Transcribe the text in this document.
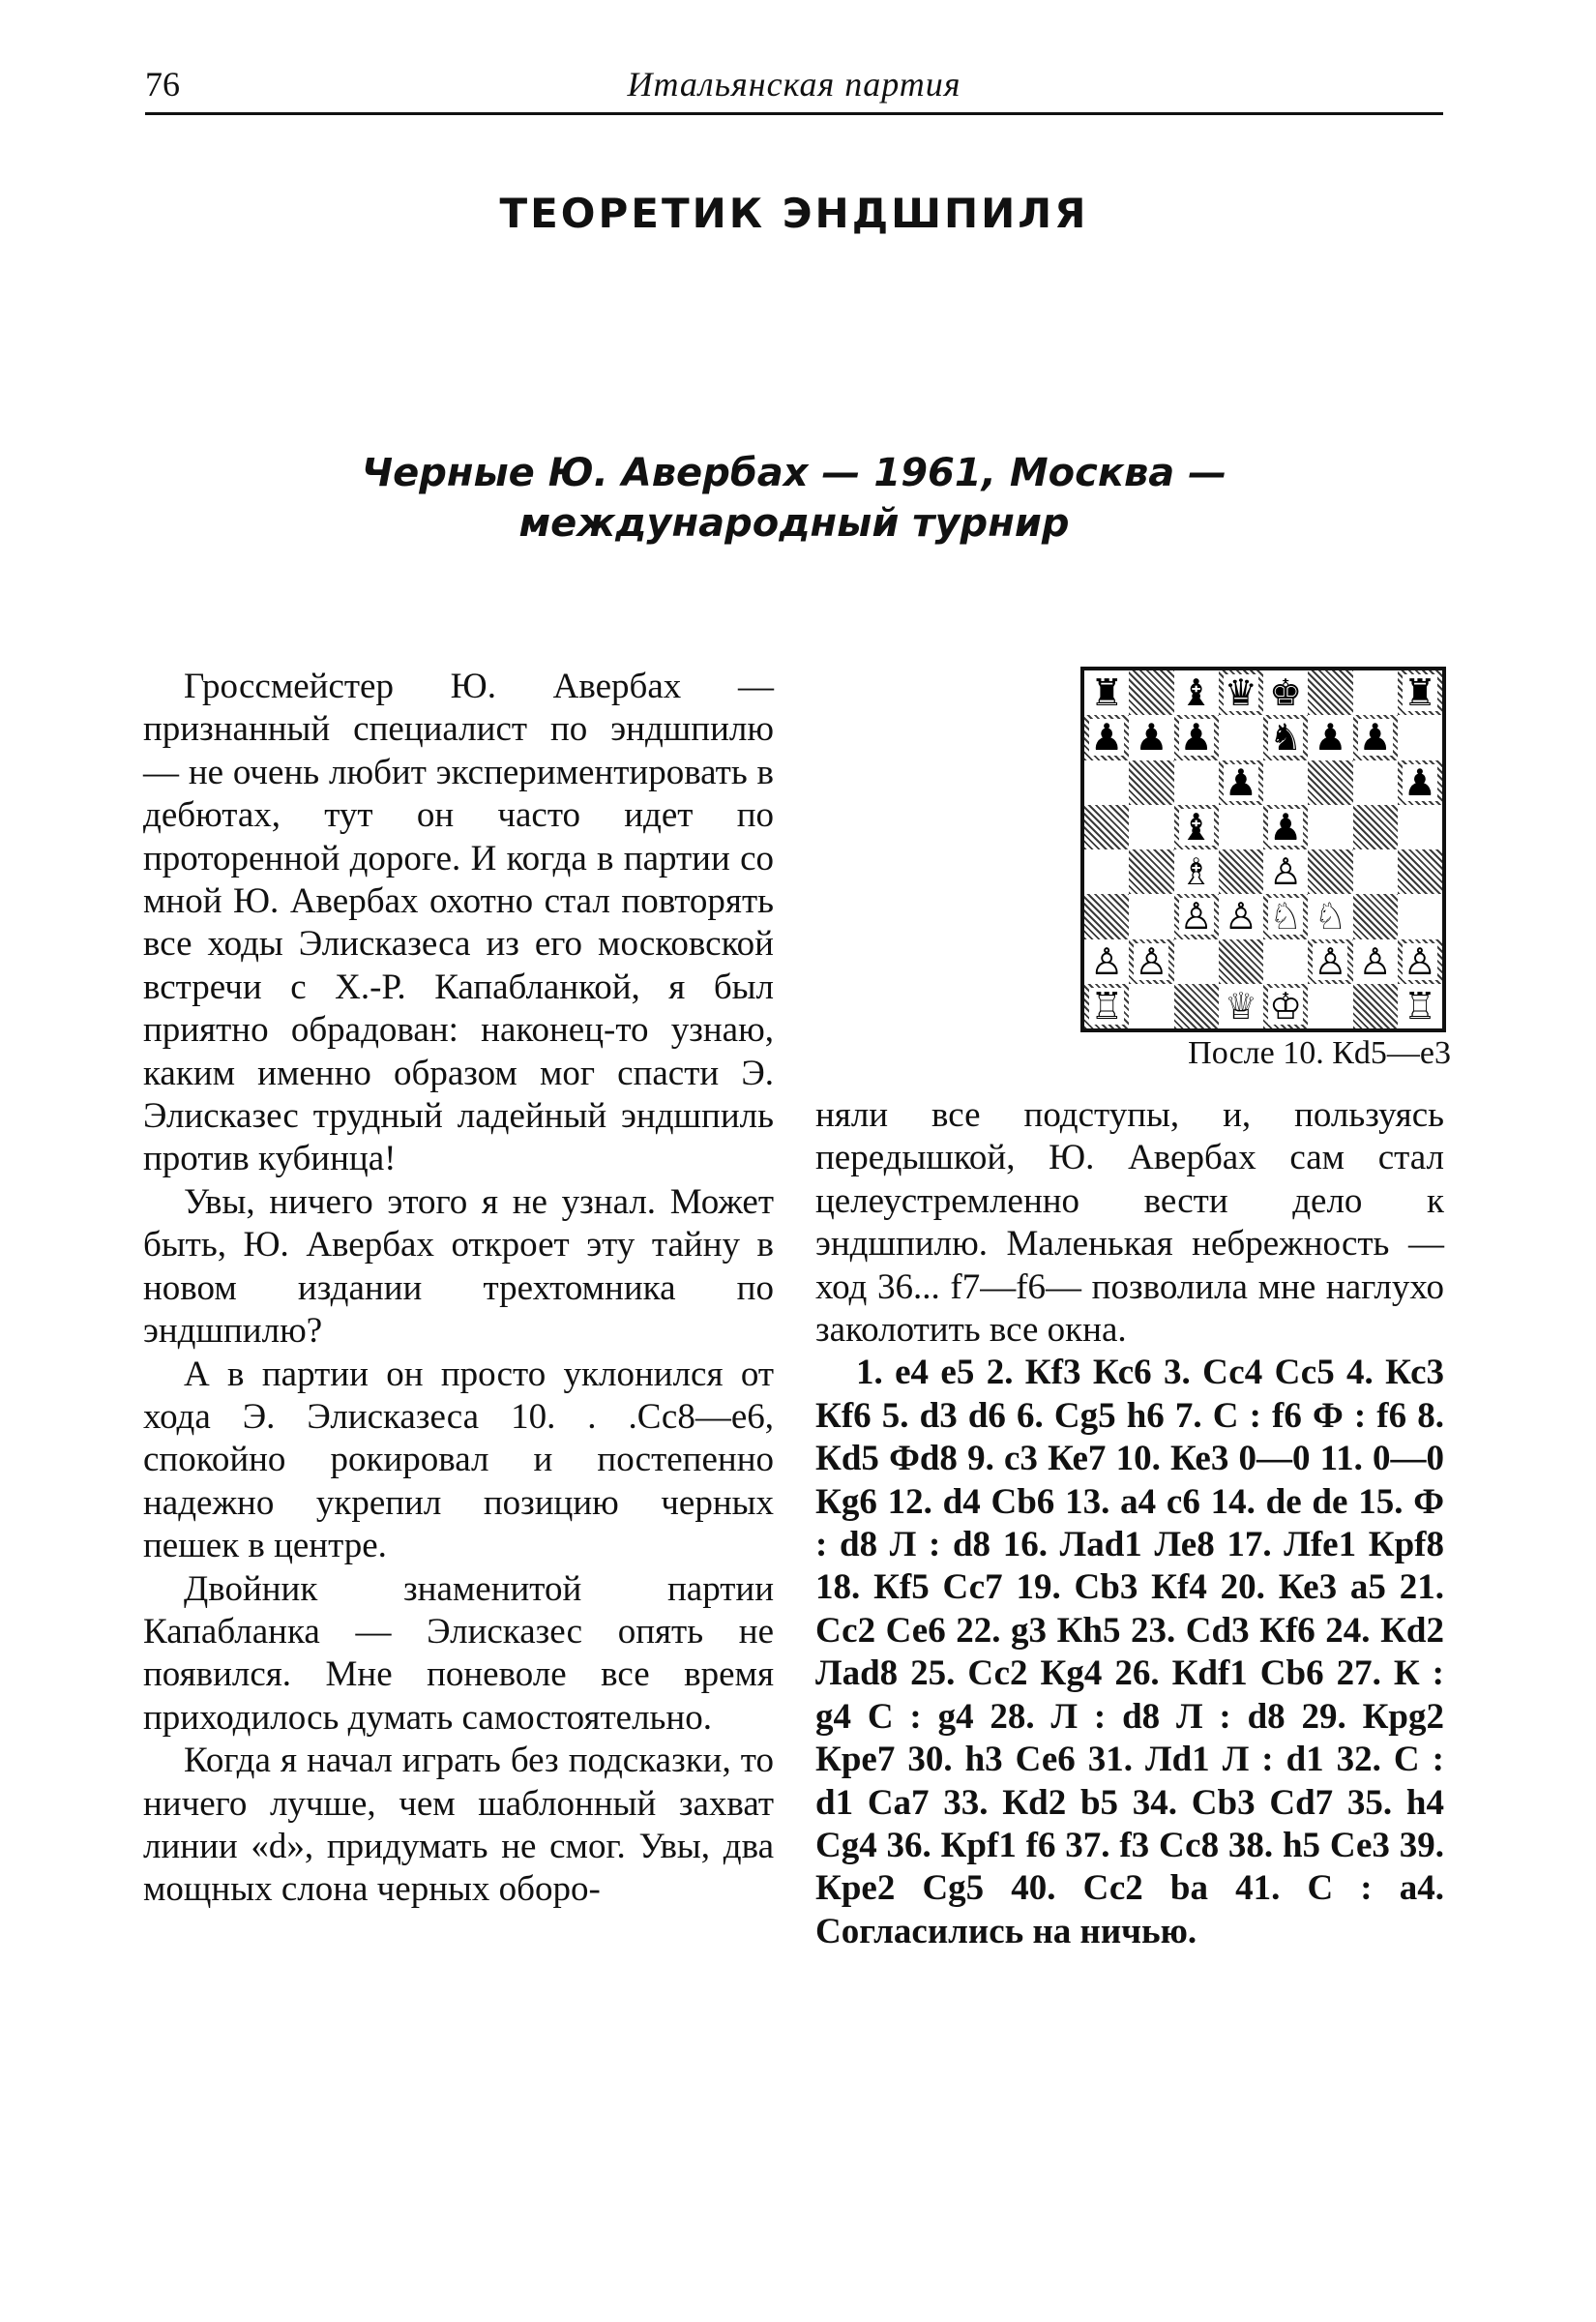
76	Итальянская партия
ТЕОРЕТИК ЭНДШПИЛЯ
Черные Ю. Авербах — 1961, Москва —
международный турнир

Гроссмейстер Ю. Авербах — признанный специалист по эндшпилю — не очень любит экспериментировать в дебютах, тут он часто идет по проторенной дороге. И когда в партии со мной Ю. Авербах охотно стал повторять все ходы Элисказеса из его московской встречи с Х.-Р. Капабланкой, я был приятно обрадован: наконец-то узнаю, каким именно образом мог спасти Э. Элисказес трудный ладейный эндшпиль против кубинца!

Увы, ничего этого я не узнал. Может быть, Ю. Авербах откроет эту тайну в новом издании трехтомника по эндшпилю?

А в партии он просто уклонился от хода Э. Элисказеса 10. . .Сс8—е6, спокойно рокировал и постепенно надежно укрепил позицию черных пешек в центре.

Двойник знаменитой партии Капабланка — Элисказес опять не появился. Мне поневоле все время приходилось думать самостоятельно.

Когда я начал играть без подсказки, то ничего лучше, чем шаблонный захват линии «d», придумать не смог. Увы, два мощных слона черных оборо-

♜ ♝ ♛ ♚	♜
♟ ♟ ♟ ♞ ♟ ♟
♟	♟
♝ ♟
♗ ♙
♙ ♙ ♘ ♘
♙ ♙	♙ ♙ ♙
♖	♕ ♔	♖
После 10. Кd5—е3

няли все подступы, и, пользуясь передышкой, Ю. Авербах сам стал целеустремленно вести дело к эндшпилю. Маленькая небрежность — ход 36... f7—f6— позволила мне наглухо заколотить все окна.

1. е4 е5 2. Кf3 Кс6 3. Сс4 Сс5 4. Кс3 Кf6 5. d3 d6 6. Сg5 h6 7. С : f6 Ф : f6 8. Кd5 Фd8 9. с3 Ке7 10. Ке3 0—0 11. 0—0 Кg6 12. d4 Сb6 13. а4 с6 14. de de 15. Ф : d8 Л : d8 16. Лad1 Ле8 17. Лfe1 Кpf8 18. Кf5 Сс7 19. Сb3 Кf4 20. Ке3 а5 21. Сс2 Се6 22. g3 Кh5 23. Сd3 Кf6 24. Кd2 Лad8 25. Сс2 Кg4 26. Кdf1 Сb6 27. К : g4 С : g4 28. Л : d8 Л : d8 29. Кpg2 Кре7 30. h3 Се6 31. Лd1 Л : d1 32. С : d1 Са7 33. Кd2 b5 34. Сb3 Сd7 35. h4 Сg4 36. Кpf1 f6 37. f3 Сс8 38. h5 Се3 39. Кре2 Сg5 40. Сс2 bа 41. С : а4. Согласились на ничью.
